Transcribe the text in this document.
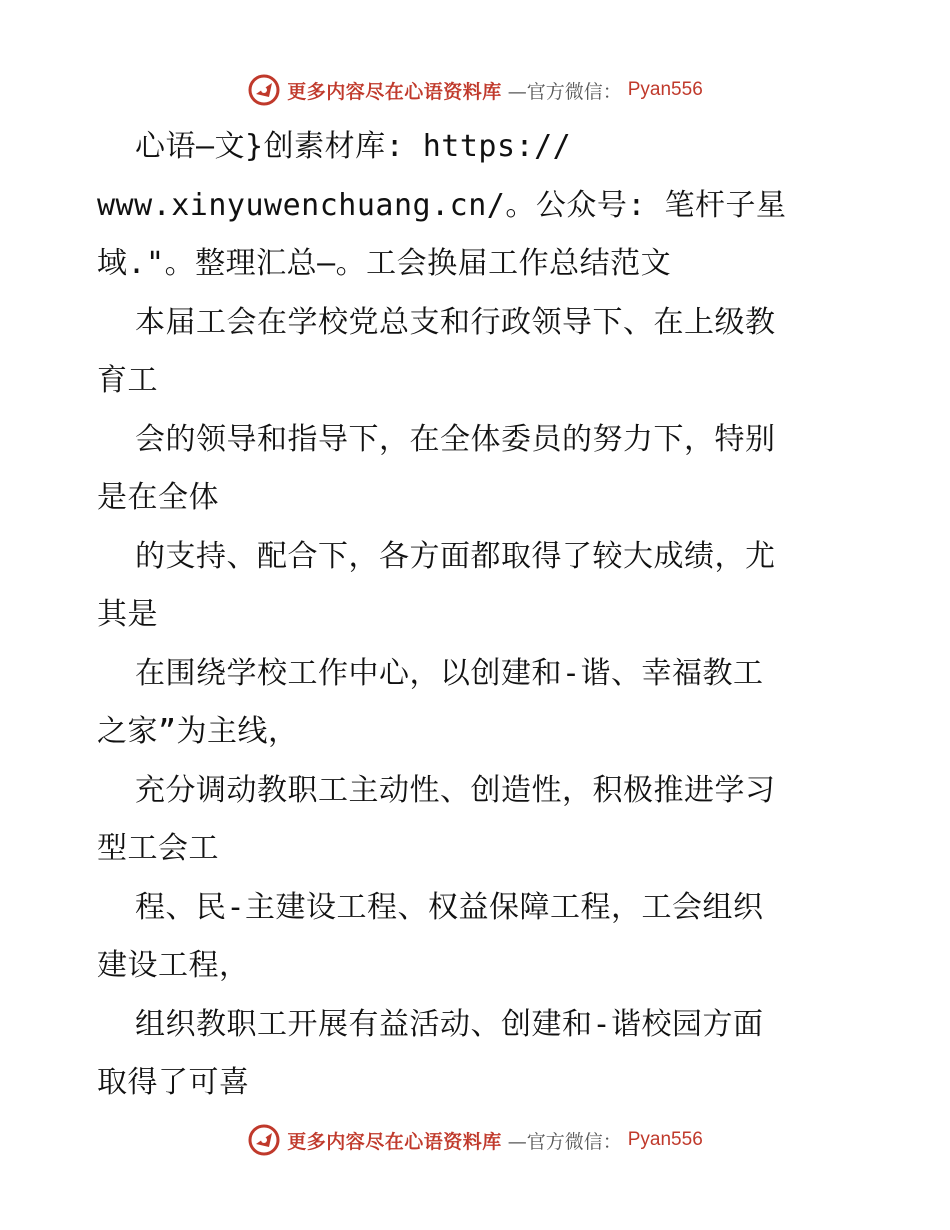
更多内容尽在心语资料库 —官方微信： Pyan556
心语—文}创素材库: https://
www.xinyuwenchuang.cn/。公众号: 笔杆子星
域."。整理汇总—。工会换届工作总结范文
本届工会在学校党总支和行政领导下、在上级教
育工
会的领导和指导下，在全体委员的努力下，特别
是在全体
的支持、配合下，各方面都取得了较大成绩，尤
其是
在围绕学校工作中心，以创建和-谐、幸福教工
之家”为主线，
充分调动教职工主动性、创造性，积极推进学习
型工会工
程、民-主建设工程、权益保障工程，工会组织
建设工程，
组织教职工开展有益活动、创建和-谐校园方面
取得了可喜
更多内容尽在心语资料库 —官方微信： Pyan556
